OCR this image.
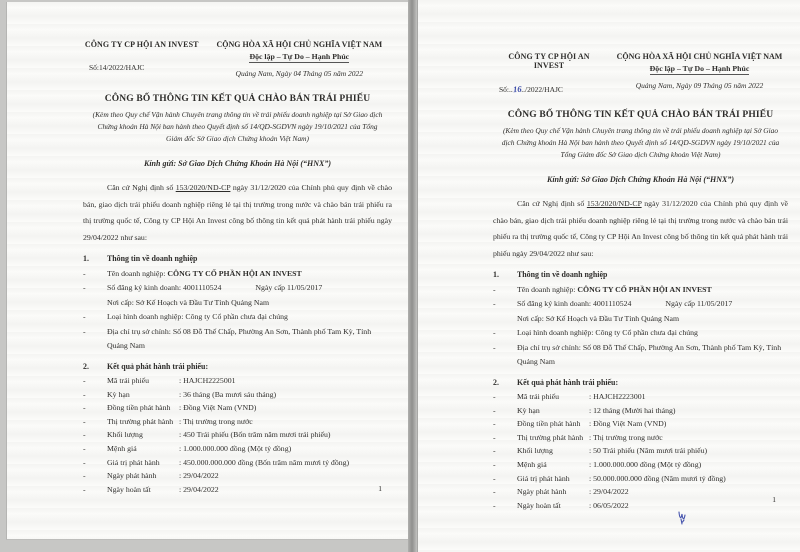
CÔNG TY CP HỘI AN INVEST
Số:14/2022/HAJC
CỘNG HÒA XÃ HỘI CHỦ NGHĨA VIỆT NAM
Độc lập – Tự Do – Hạnh Phúc
Quảng Nam, Ngày 04 Tháng 05 năm 2022
CÔNG BỐ THÔNG TIN KẾT QUẢ CHÀO BÁN TRÁI PHIẾU
(Kèm theo Quy chế Vận hành Chuyên trang thông tin về trái phiếu doanh nghiệp tại Sở Giao dịch Chứng khoán Hà Nội ban hành theo Quyết định số 14/QD-SGDVN ngày 19/10/2021 của Tổng Giám đốc Sở Giao dịch Chứng khoán Việt Nam)
Kính gửi: Sở Giao Dịch Chứng Khoán Hà Nội (“HNX”)

Căn cứ Nghị định số 153/2020/ND-CP ngày 31/12/2020 của Chính phủ quy định về chào bán, giao dịch trái phiếu doanh nghiệp riêng lẻ tại thị trường trong nước và chào bán trái phiếu ra thị trường quốc tế, Công ty CP Hội An Invest công bố thông tin kết quả phát hành trái phiếu ngày 29/04/2022 như sau:

1.	Thông tin về doanh nghiệp
-
Tên doanh nghiệp: CÔNG TY CỔ PHẦN HỘI AN INVEST
-
Số đăng ký kinh doanh: 4001110524	Ngày cấp 11/05/2017
Nơi cấp: Sở Kế Hoạch và Đầu Tư Tỉnh Quảng Nam
-
Loại hình doanh nghiệp: Công ty Cổ phần chưa đại chúng
-
Địa chỉ trụ sở chính: Số 08 Đỗ Thế Chấp, Phường An Sơn, Thành phố Tam Kỳ, Tỉnh Quảng Nam
2.	Kết quả phát hành trái phiếu:
-
Mã trái phiếu	: HAJCH2225001
-
Kỳ hạn	: 36 tháng (Ba mươi sáu tháng)
-
Đồng tiền phát hành	: Đồng Việt Nam (VND)
-
Thị trường phát hành : Thị trường trong nước
-
Khối lượng	: 450 Trái phiếu (Bốn trăm năm mươi trái phiếu)
-
Mệnh giá	: 1.000.000.000 đồng (Một tỷ đồng)
-
Giá trị phát hành	: 450.000.000.000 đồng (Bốn trăm năm mươi tỷ đồng)
-
Ngày phát hành	: 29/04/2022
-
Ngày hoàn tất	: 29/04/2022	1
CÔNG TY CP HỘI AN INVEST
Số:..16../2022/HAJC
CỘNG HÒA XÃ HỘI CHỦ NGHĨA VIỆT NAM
Độc lập – Tự Do – Hạnh Phúc
Quảng Nam, Ngày 09 Tháng 05 năm 2022
CÔNG BỐ THÔNG TIN KẾT QUẢ CHÀO BÁN TRÁI PHIẾU
(Kèm theo Quy chế Vận hành Chuyên trang thông tin về trái phiếu doanh nghiệp tại Sở Giao dịch Chứng khoán Hà Nội ban hành theo Quyết định số 14/QD-SGDVN ngày 19/10/2021 của Tổng Giám đốc Sở Giao dịch Chứng khoán Việt Nam)
Kính gửi: Sở Giao Dịch Chứng Khoán Hà Nội (“HNX”)

Căn cứ Nghị định số 153/2020/ND-CP ngày 31/12/2020 của Chính phủ quy định về chào bán, giao dịch trái phiếu doanh nghiệp riêng lẻ tại thị trường trong nước và chào bán trái phiếu ra thị trường quốc tế, Công ty CP Hội An Invest công bố thông tin kết quả phát hành trái phiếu ngày 29/04/2022 như sau:

1.	Thông tin về doanh nghiệp
-
Tên doanh nghiệp: CÔNG TY CỔ PHẦN HỘI AN INVEST
-
Số đăng ký kinh doanh: 4001110524	Ngày cấp 11/05/2017
Nơi cấp: Sở Kế Hoạch và Đầu Tư Tỉnh Quảng Nam
-
Loại hình doanh nghiệp: Công ty Cổ phần chưa đại chúng
-
Địa chỉ trụ sở chính: Số 08 Đỗ Thế Chấp, Phường An Sơn, Thành phố Tam Kỳ, Tỉnh Quảng Nam
2.	Kết quả phát hành trái phiếu:
-
Mã trái phiếu	: HAJCH2223001
-
Kỳ hạn	: 12 tháng (Mười hai tháng)
-
Đồng tiền phát hành	: Đồng Việt Nam (VND)
-
Thị trường phát hành : Thị trường trong nước
-
Khối lượng	: 50 Trái phiếu (Năm mươi trái phiếu)
-
Mệnh giá	: 1.000.000.000 đồng (Một tỷ đồng)
-
Giá trị phát hành	: 50.000.000.000 đồng (Năm mươi tỷ đồng)
-
Ngày phát hành	: 29/04/2022
-
Ngày hoàn tất	: 06/05/2022
1
